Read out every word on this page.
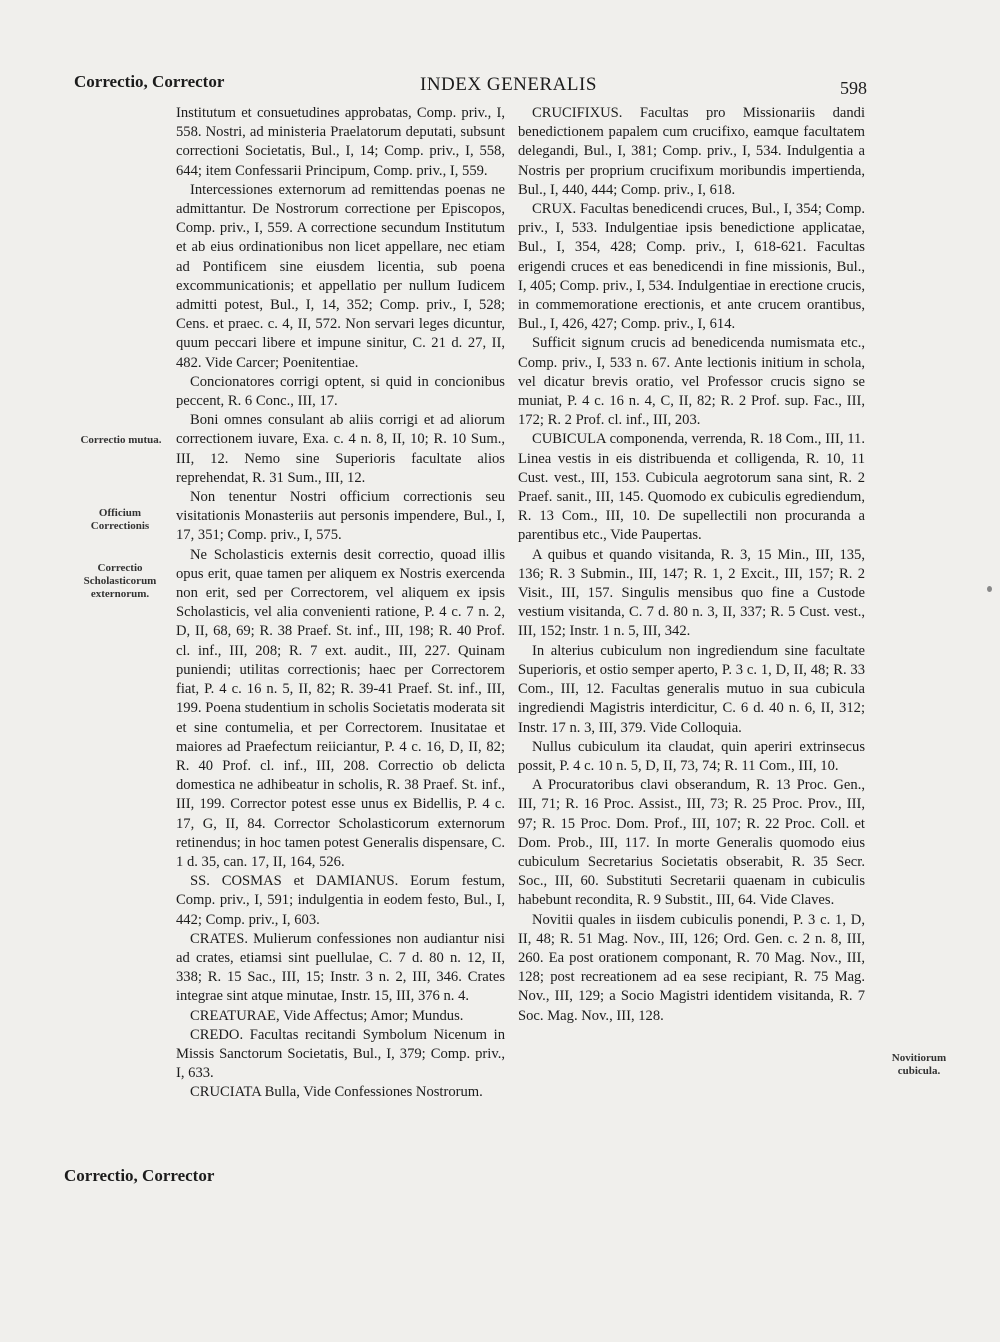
Correctio, Corrector	INDEX GENERALIS	598
Correctio mutua.
Officium Correctionis
Correctio Scholasticorum externorum.
Novitiorum cubicula.

Institutum et consuetudines approbatas, Comp. priv., I, 558. Nostri, ad ministeria Praelatorum deputati, subsunt correctioni Societatis, Bul., I, 14; Comp. priv., I, 558, 644; item Confessarii Principum, Comp. priv., I, 559.

Intercessiones externorum ad remittendas poenas ne admittantur. De Nostrorum correctione per Episcopos, Comp. priv., I, 559. A correctione secundum Institutum et ab eius ordinationibus non licet appellare, nec etiam ad Pontificem sine eiusdem licentia, sub poena excommunicationis; et appellatio per nullum Iudicem admitti potest, Bul., I, 14, 352; Comp. priv., I, 528; Cens. et praec. c. 4, II, 572. Non servari leges dicuntur, quum peccari libere et impune sinitur, C. 21 d. 27, II, 482. Vide Carcer; Poenitentiae.

Concionatores corrigi optent, si quid in concionibus peccent, R. 6 Conc., III, 17.

Boni omnes consulant ab aliis corrigi et ad aliorum correctionem iuvare, Exa. c. 4 n. 8, II, 10; R. 10 Sum., III, 12. Nemo sine Superioris facultate alios reprehendat, R. 31 Sum., III, 12.

Non tenentur Nostri officium correctionis seu visitationis Monasteriis aut personis impendere, Bul., I, 17, 351; Comp. priv., I, 575.

Ne Scholasticis externis desit correctio, quoad illis opus erit, quae tamen per aliquem ex Nostris exercenda non erit, sed per Correctorem, vel aliquem ex ipsis Scholasticis, vel alia convenienti ratione, P. 4 c. 7 n. 2, D, II, 68, 69; R. 38 Praef. St. inf., III, 198; R. 40 Prof. cl. inf., III, 208; R. 7 ext. audit., III, 227. Quinam puniendi; utilitas correctionis; haec per Correctorem fiat, P. 4 c. 16 n. 5, II, 82; R. 39-41 Praef. St. inf., III, 199. Poena studentium in scholis Societatis moderata sit et sine contumelia, et per Correctorem. Inusitatae et maiores ad Praefectum reiiciantur, P. 4 c. 16, D, II, 82; R. 40 Prof. cl. inf., III, 208. Correctio ob delicta domestica ne adhibeatur in scholis, R. 38 Praef. St. inf., III, 199. Corrector potest esse unus ex Bidellis, P. 4 c. 17, G, II, 84. Corrector Scholasticorum externorum retinendus; in hoc tamen potest Generalis dispensare, C. 1 d. 35, can. 17, II, 164, 526.

SS. COSMAS et DAMIANUS. Eorum festum, Comp. priv., I, 591; indulgentia in eodem festo, Bul., I, 442; Comp. priv., I, 603.

CRATES. Mulierum confessiones non audiantur nisi ad crates, etiamsi sint puellulae, C. 7 d. 80 n. 12, II, 338; R. 15 Sac., III, 15; Instr. 3 n. 2, III, 346. Crates integrae sint atque minutae, Instr. 15, III, 376 n. 4.

CREATURAE, Vide Affectus; Amor; Mundus.

CREDO. Facultas recitandi Symbolum Nicenum in Missis Sanctorum Societatis, Bul., I, 379; Comp. priv., I, 633.

CRUCIATA Bulla, Vide Confessiones Nostrorum.

CRUCIFIXUS. Facultas pro Missionariis dandi benedictionem papalem cum crucifixo, eamque facultatem delegandi, Bul., I, 381; Comp. priv., I, 534. Indulgentia a Nostris per proprium crucifixum moribundis impertienda, Bul., I, 440, 444; Comp. priv., I, 618.

CRUX. Facultas benedicendi cruces, Bul., I, 354; Comp. priv., I, 533. Indulgentiae ipsis benedictione applicatae, Bul., I, 354, 428; Comp. priv., I, 618-621. Facultas erigendi cruces et eas benedicendi in fine missionis, Bul., I, 405; Comp. priv., I, 534. Indulgentiae in erectione crucis, in commemoratione erectionis, et ante crucem orantibus, Bul., I, 426, 427; Comp. priv., I, 614.

Sufficit signum crucis ad benedicenda numismata etc., Comp. priv., I, 533 n. 67. Ante lectionis initium in schola, vel dicatur brevis oratio, vel Professor crucis signo se muniat, P. 4 c. 16 n. 4, C, II, 82; R. 2 Prof. sup. Fac., III, 172; R. 2 Prof. cl. inf., III, 203.

CUBICULA componenda, verrenda, R. 18 Com., III, 11. Linea vestis in eis distribuenda et colligenda, R. 10, 11 Cust. vest., III, 153. Cubicula aegrotorum sana sint, R. 2 Praef. sanit., III, 145. Quomodo ex cubiculis egrediendum, R. 13 Com., III, 10. De supellectili non procuranda a parentibus etc., Vide Paupertas.

A quibus et quando visitanda, R. 3, 15 Min., III, 135, 136; R. 3 Submin., III, 147; R. 1, 2 Excit., III, 157; R. 2 Visit., III, 157. Singulis mensibus quo fine a Custode vestium visitanda, C. 7 d. 80 n. 3, II, 337; R. 5 Cust. vest., III, 152; Instr. 1 n. 5, III, 342.

In alterius cubiculum non ingrediendum sine facultate Superioris, et ostio semper aperto, P. 3 c. 1, D, II, 48; R. 33 Com., III, 12. Facultas generalis mutuo in sua cubicula ingrediendi Magistris interdicitur, C. 6 d. 40 n. 6, II, 312; Instr. 17 n. 3, III, 379. Vide Colloquia.

Nullus cubiculum ita claudat, quin aperiri extrinsecus possit, P. 4 c. 10 n. 5, D, II, 73, 74; R. 11 Com., III, 10.

A Procuratoribus clavi obserandum, R. 13 Proc. Gen., III, 71; R. 16 Proc. Assist., III, 73; R. 25 Proc. Prov., III, 97; R. 15 Proc. Dom. Prof., III, 107; R. 22 Proc. Coll. et Dom. Prob., III, 117. In morte Generalis quomodo eius cubiculum Secretarius Societatis obserabit, R. 35 Secr. Soc., III, 60. Substituti Secretarii quaenam in cubiculis habebunt recondita, R. 9 Substit., III, 64. Vide Claves.

Novitii quales in iisdem cubiculis ponendi, P. 3 c. 1, D, II, 48; R. 51 Mag. Nov., III, 126; Ord. Gen. c. 2 n. 8, III, 260. Ea post orationem componant, R. 70 Mag. Nov., III, 128; post recreationem ad ea sese recipiant, R. 75 Mag. Nov., III, 129; a Socio Magistri identidem visitanda, R. 7 Soc. Mag. Nov., III, 128.

Correctio, Corrector
